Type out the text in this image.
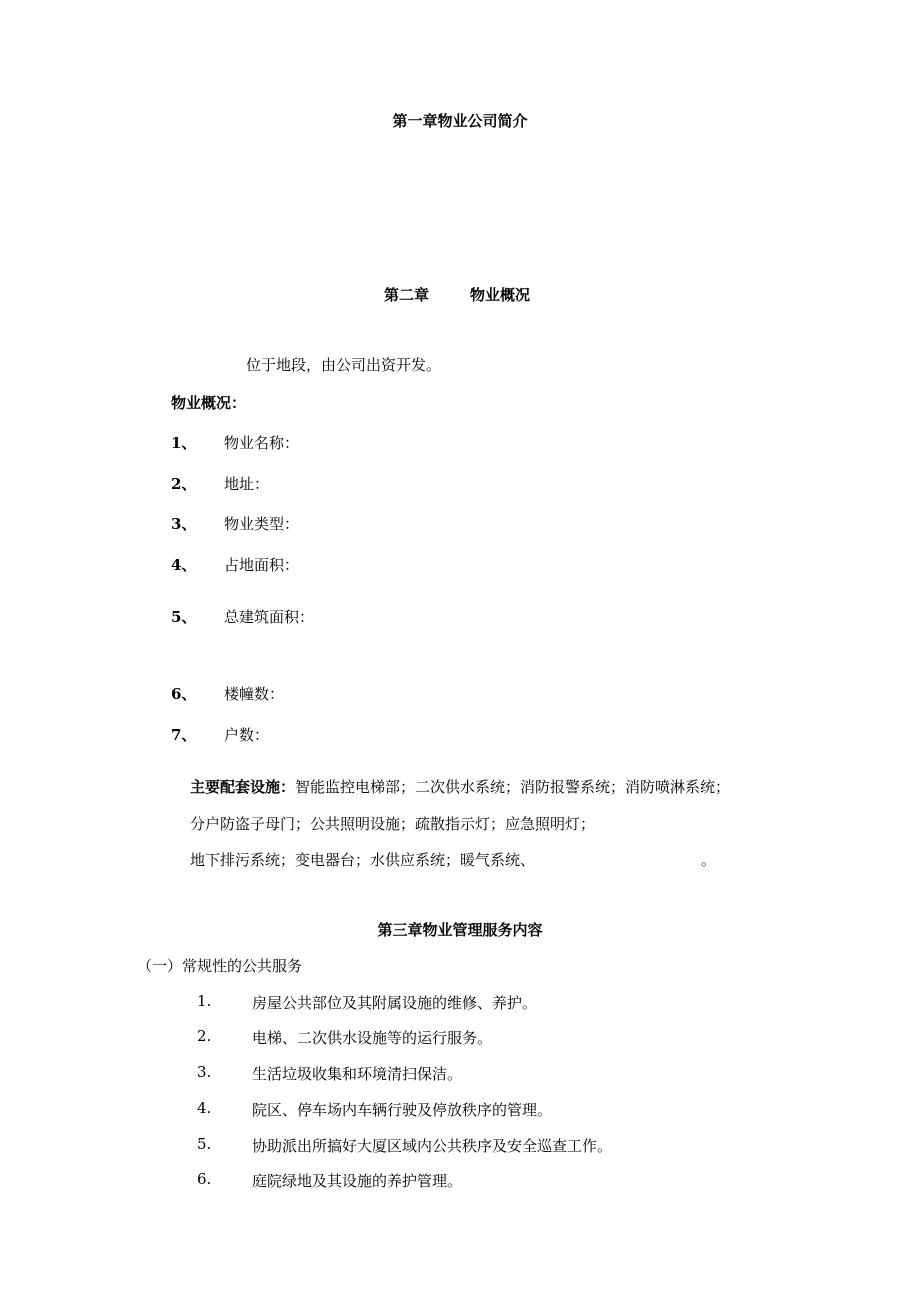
第一章物业公司简介
第二章	物业概况
位于地段，由公司出资开发。
物业概况：
1、 物业名称：
2、 地址：
3、 物业类型：
4、 占地面积：
5、 总建筑面积：
6、 楼幢数：
7、 户数：
主要配套设施：智能监控电梯部；二次供水系统；消防报警系统；消防喷淋系统；
分户防盗子母门；公共照明设施；疏散指示灯；应急照明灯；
地下排污系统；变电器台；水供应系统；暖气系统、	。
第三章物业管理服务内容
（一）常规性的公共服务
1.	房屋公共部位及其附属设施的维修、养护。
2.	电梯、二次供水设施等的运行服务。
3.	生活垃圾收集和环境清扫保洁。
4.	院区、停车场内车辆行驶及停放秩序的管理。
5.	协助派出所搞好大厦区域内公共秩序及安全巡查工作。
6.	庭院绿地及其设施的养护管理。
